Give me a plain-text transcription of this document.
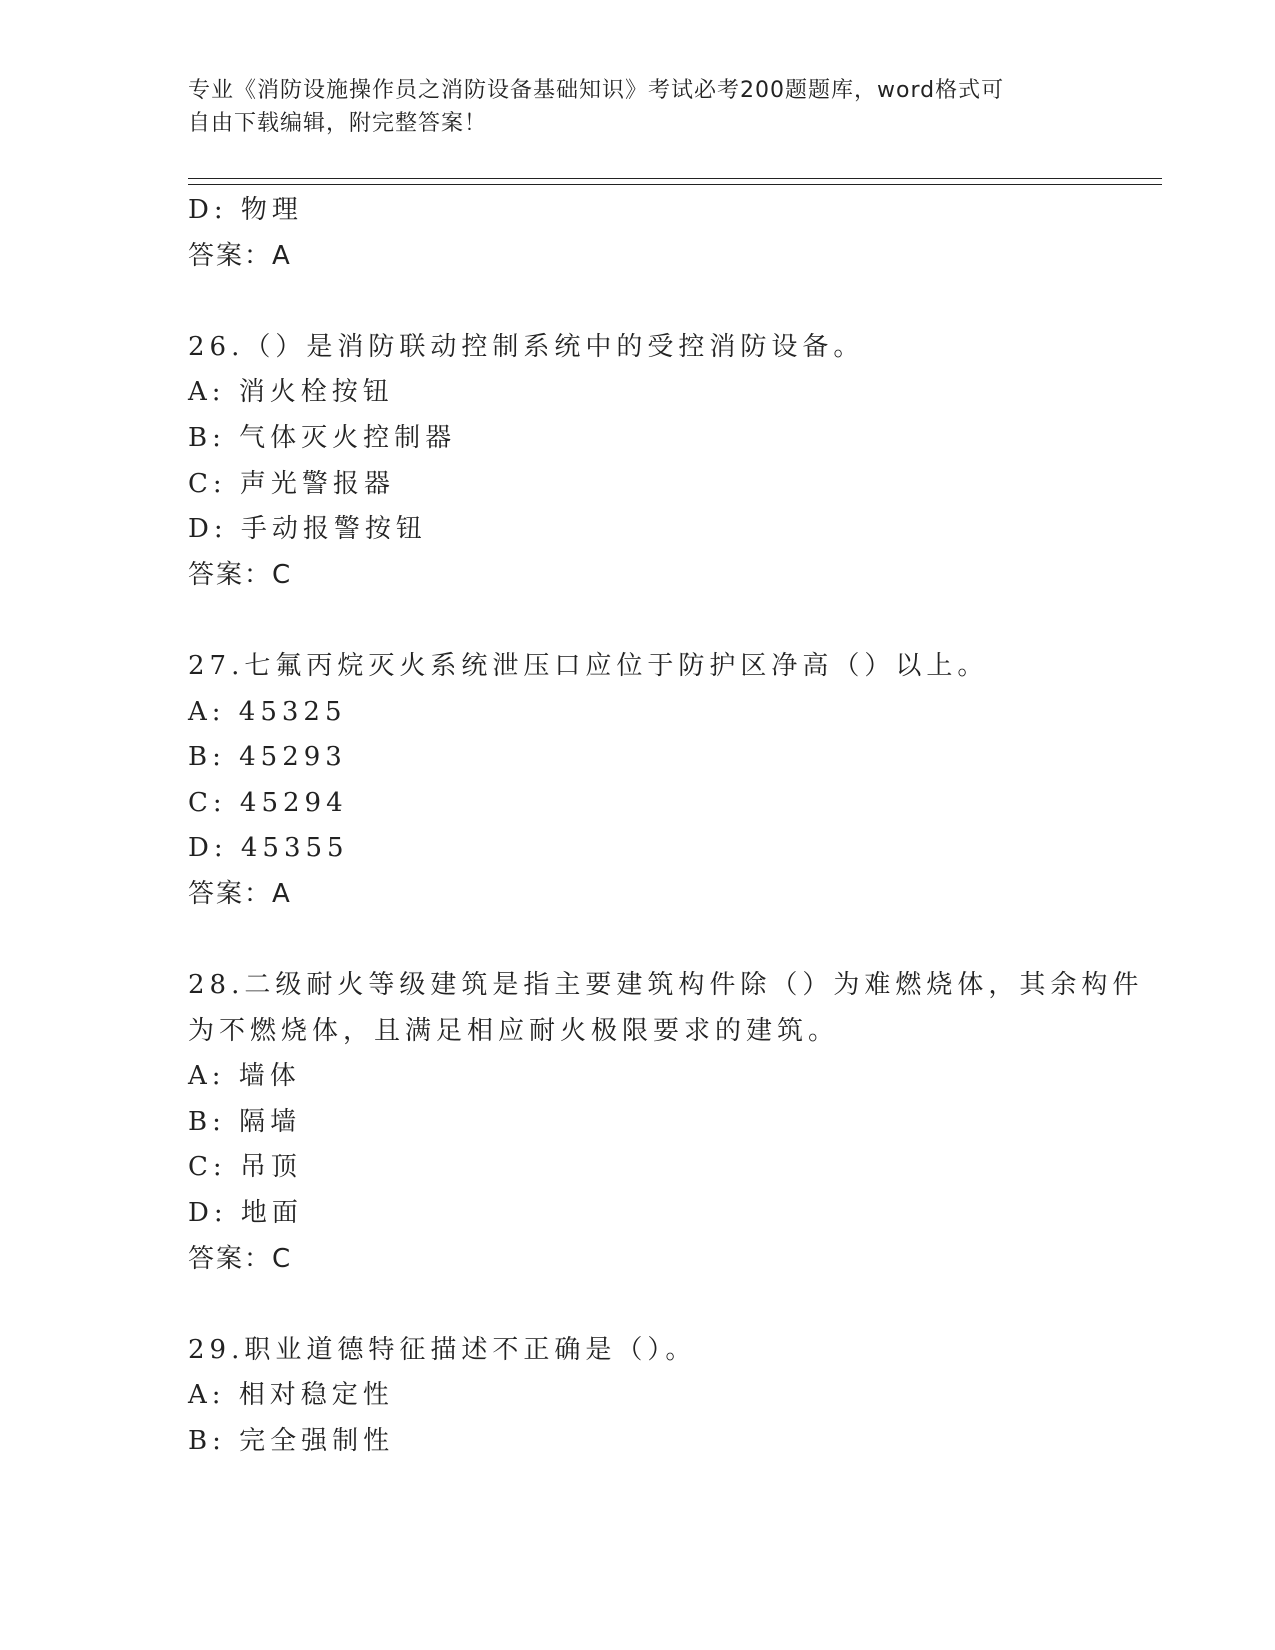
专业《消防设施操作员之消防设备基础知识》考试必考200题题库，word格式可
自由下载编辑，附完整答案！
D: 物理
答案：A
26.（）是消防联动控制系统中的受控消防设备。
A: 消火栓按钮
B: 气体灭火控制器
C: 声光警报器
D: 手动报警按钮
答案：C
27.七氟丙烷灭火系统泄压口应位于防护区净高（）以上。
A: 45325
B: 45293
C: 45294
D: 45355
答案：A
28.二级耐火等级建筑是指主要建筑构件除（）为难燃烧体，其余构件
为不燃烧体，且满足相应耐火极限要求的建筑。
A: 墙体
B: 隔墙
C: 吊顶
D: 地面
答案：C
29.职业道德特征描述不正确是（）。
A: 相对稳定性
B: 完全强制性
